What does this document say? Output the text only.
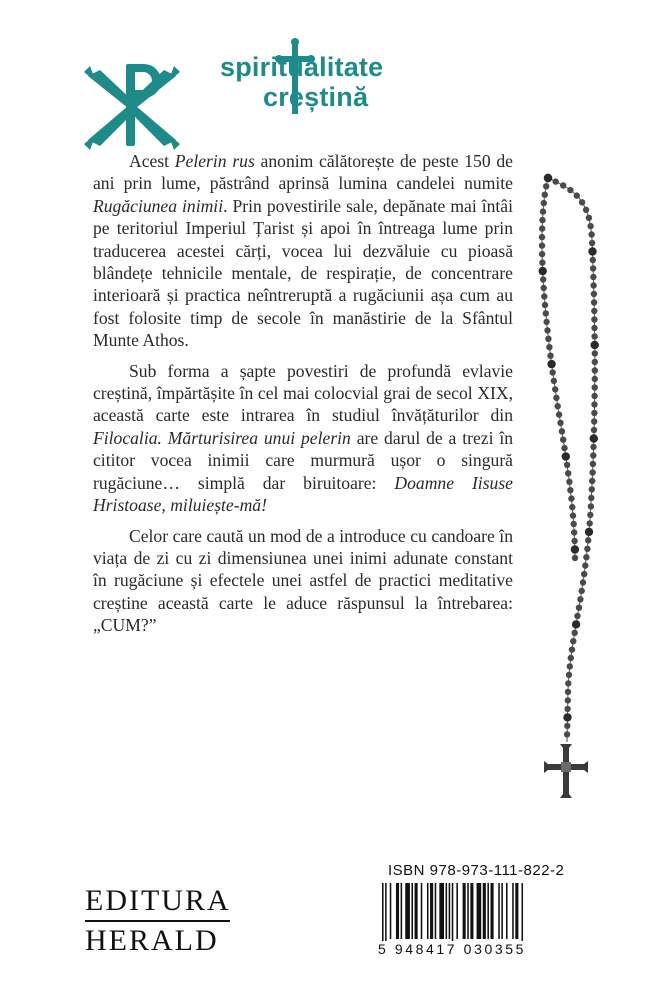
spiritualitate
creștină

Acest Pelerin rus anonim călătorește de peste 150 de ani prin lume, păstrând aprinsă lumina candelei numite Rugăciunea inimii. Prin povestirile sale, depănate mai întâi pe teritoriul Imperiul Țarist și apoi în întreaga lume prin traducerea acestei cărți, vocea lui dezvăluie cu pioasă blândețe tehnicile mentale, de respirație, de concentrare interioară și practica neîntreruptă a rugăciunii așa cum au fost folosite timp de secole în manăstirie de la Sfântul Munte Athos.

Sub forma a șapte povestiri de profundă evlavie creștină, împărtășite în cel mai colocvial grai de secol XIX, această carte este intrarea în studiul învățăturilor din Filocalia. Mărturisirea unui pelerin are darul de a trezi în cititor vocea inimii care murmură ușor o singură rugăciune… simplă dar biruitoare: Doamne Iisuse Hristoase, miluiește-mă!

Celor care caută un mod de a introduce cu candoare în viața de zi cu zi dimensiunea unei inimi adunate constant în rugăciune și efectele unei astfel de practici meditative creștine această carte le aduce răspunsul la întrebarea: „CUM?”

ISBN 978-973-111-822-2
5 948417 030355
EDITURA
HERALD
